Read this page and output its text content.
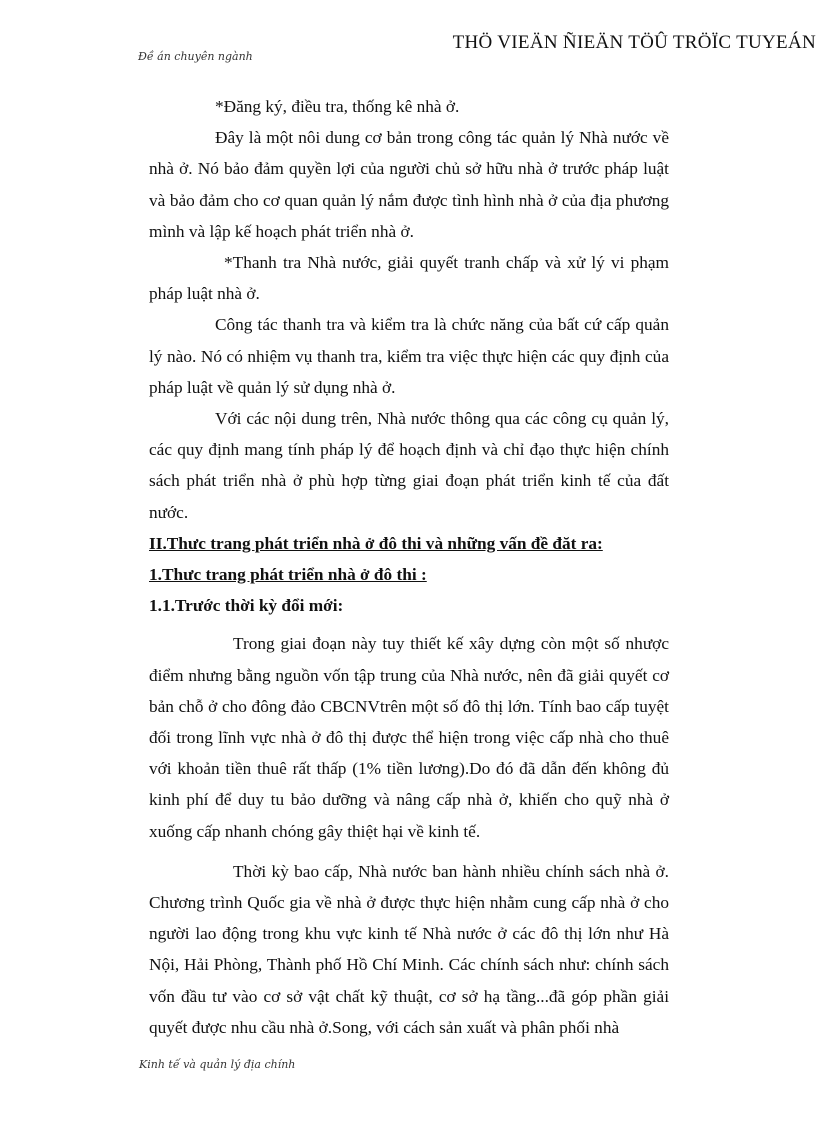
Đề án chuyên ngành
THÖ VIEÄN ÑIEÄN TÖÛ TRÖÏC TUYEÁN

*Đăng ký, điều tra, thống kê nhà ở.

Đây là một nôi dung cơ bản trong công tác quản lý Nhà nước về nhà ở. Nó bảo đảm quyền lợi của người chủ sở hữu nhà ở trước pháp luật và bảo đảm cho cơ quan quản lý nắm được tình hình nhà ở của địa phương mình và lập kế hoạch phát triển nhà ở.

*Thanh tra Nhà nước, giải quyết tranh chấp và xử lý vi phạm pháp luật nhà ở.

Công tác thanh tra và kiểm tra là chức năng của bất cứ cấp quản lý nào. Nó có nhiệm vụ thanh tra, kiểm tra việc thực hiện các quy định của pháp luật về quản lý sử dụng nhà ở.

Với các nội dung trên, Nhà nước thông qua các công cụ quản lý, các quy định mang tính pháp lý để hoạch định và chỉ đạo thực hiện chính sách phát triển nhà ở phù hợp từng giai đoạn phát triển kinh tế của đất nước.

II.Thưc trang phát triển nhà ở đô thi và những vấn đề đăt ra:
1.Thưc trang phát triển nhà ở đô thi :
1.1.Trước thời kỳ đổi mới:

Trong giai đoạn này tuy thiết kế xây dựng còn một số nhược điểm nhưng bằng nguồn vốn tập trung của Nhà nước, nên đã giải quyết cơ bản chỗ ở cho đông đảo CBCNVtrên một số đô thị lớn. Tính bao cấp tuyệt đối trong lĩnh vực nhà ở đô thị được thể hiện trong việc cấp nhà cho thuê với khoản tiền thuê rất thấp (1% tiền lương).Do đó đã dẫn đến không đủ kinh phí để duy tu bảo dưỡng và nâng cấp nhà ở, khiến cho quỹ nhà ở xuống cấp nhanh chóng gây thiệt hại về kinh tế.

Thời kỳ bao cấp, Nhà nước ban hành nhiều chính sách nhà ở. Chương trình Quốc gia về nhà ở được thực hiện nhằm cung cấp nhà ở cho người lao động trong khu vực kinh tế Nhà nước ở các đô thị lớn như Hà Nội, Hải Phòng, Thành phố Hồ Chí Minh. Các chính sách như: chính sách vốn đầu tư vào cơ sở vật chất kỹ thuật, cơ sở hạ tầng...đã góp phần giải quyết được nhu cầu nhà ở.Song, với cách sản xuất và phân phối nhà

Kinh tế và quản lý địa chính
